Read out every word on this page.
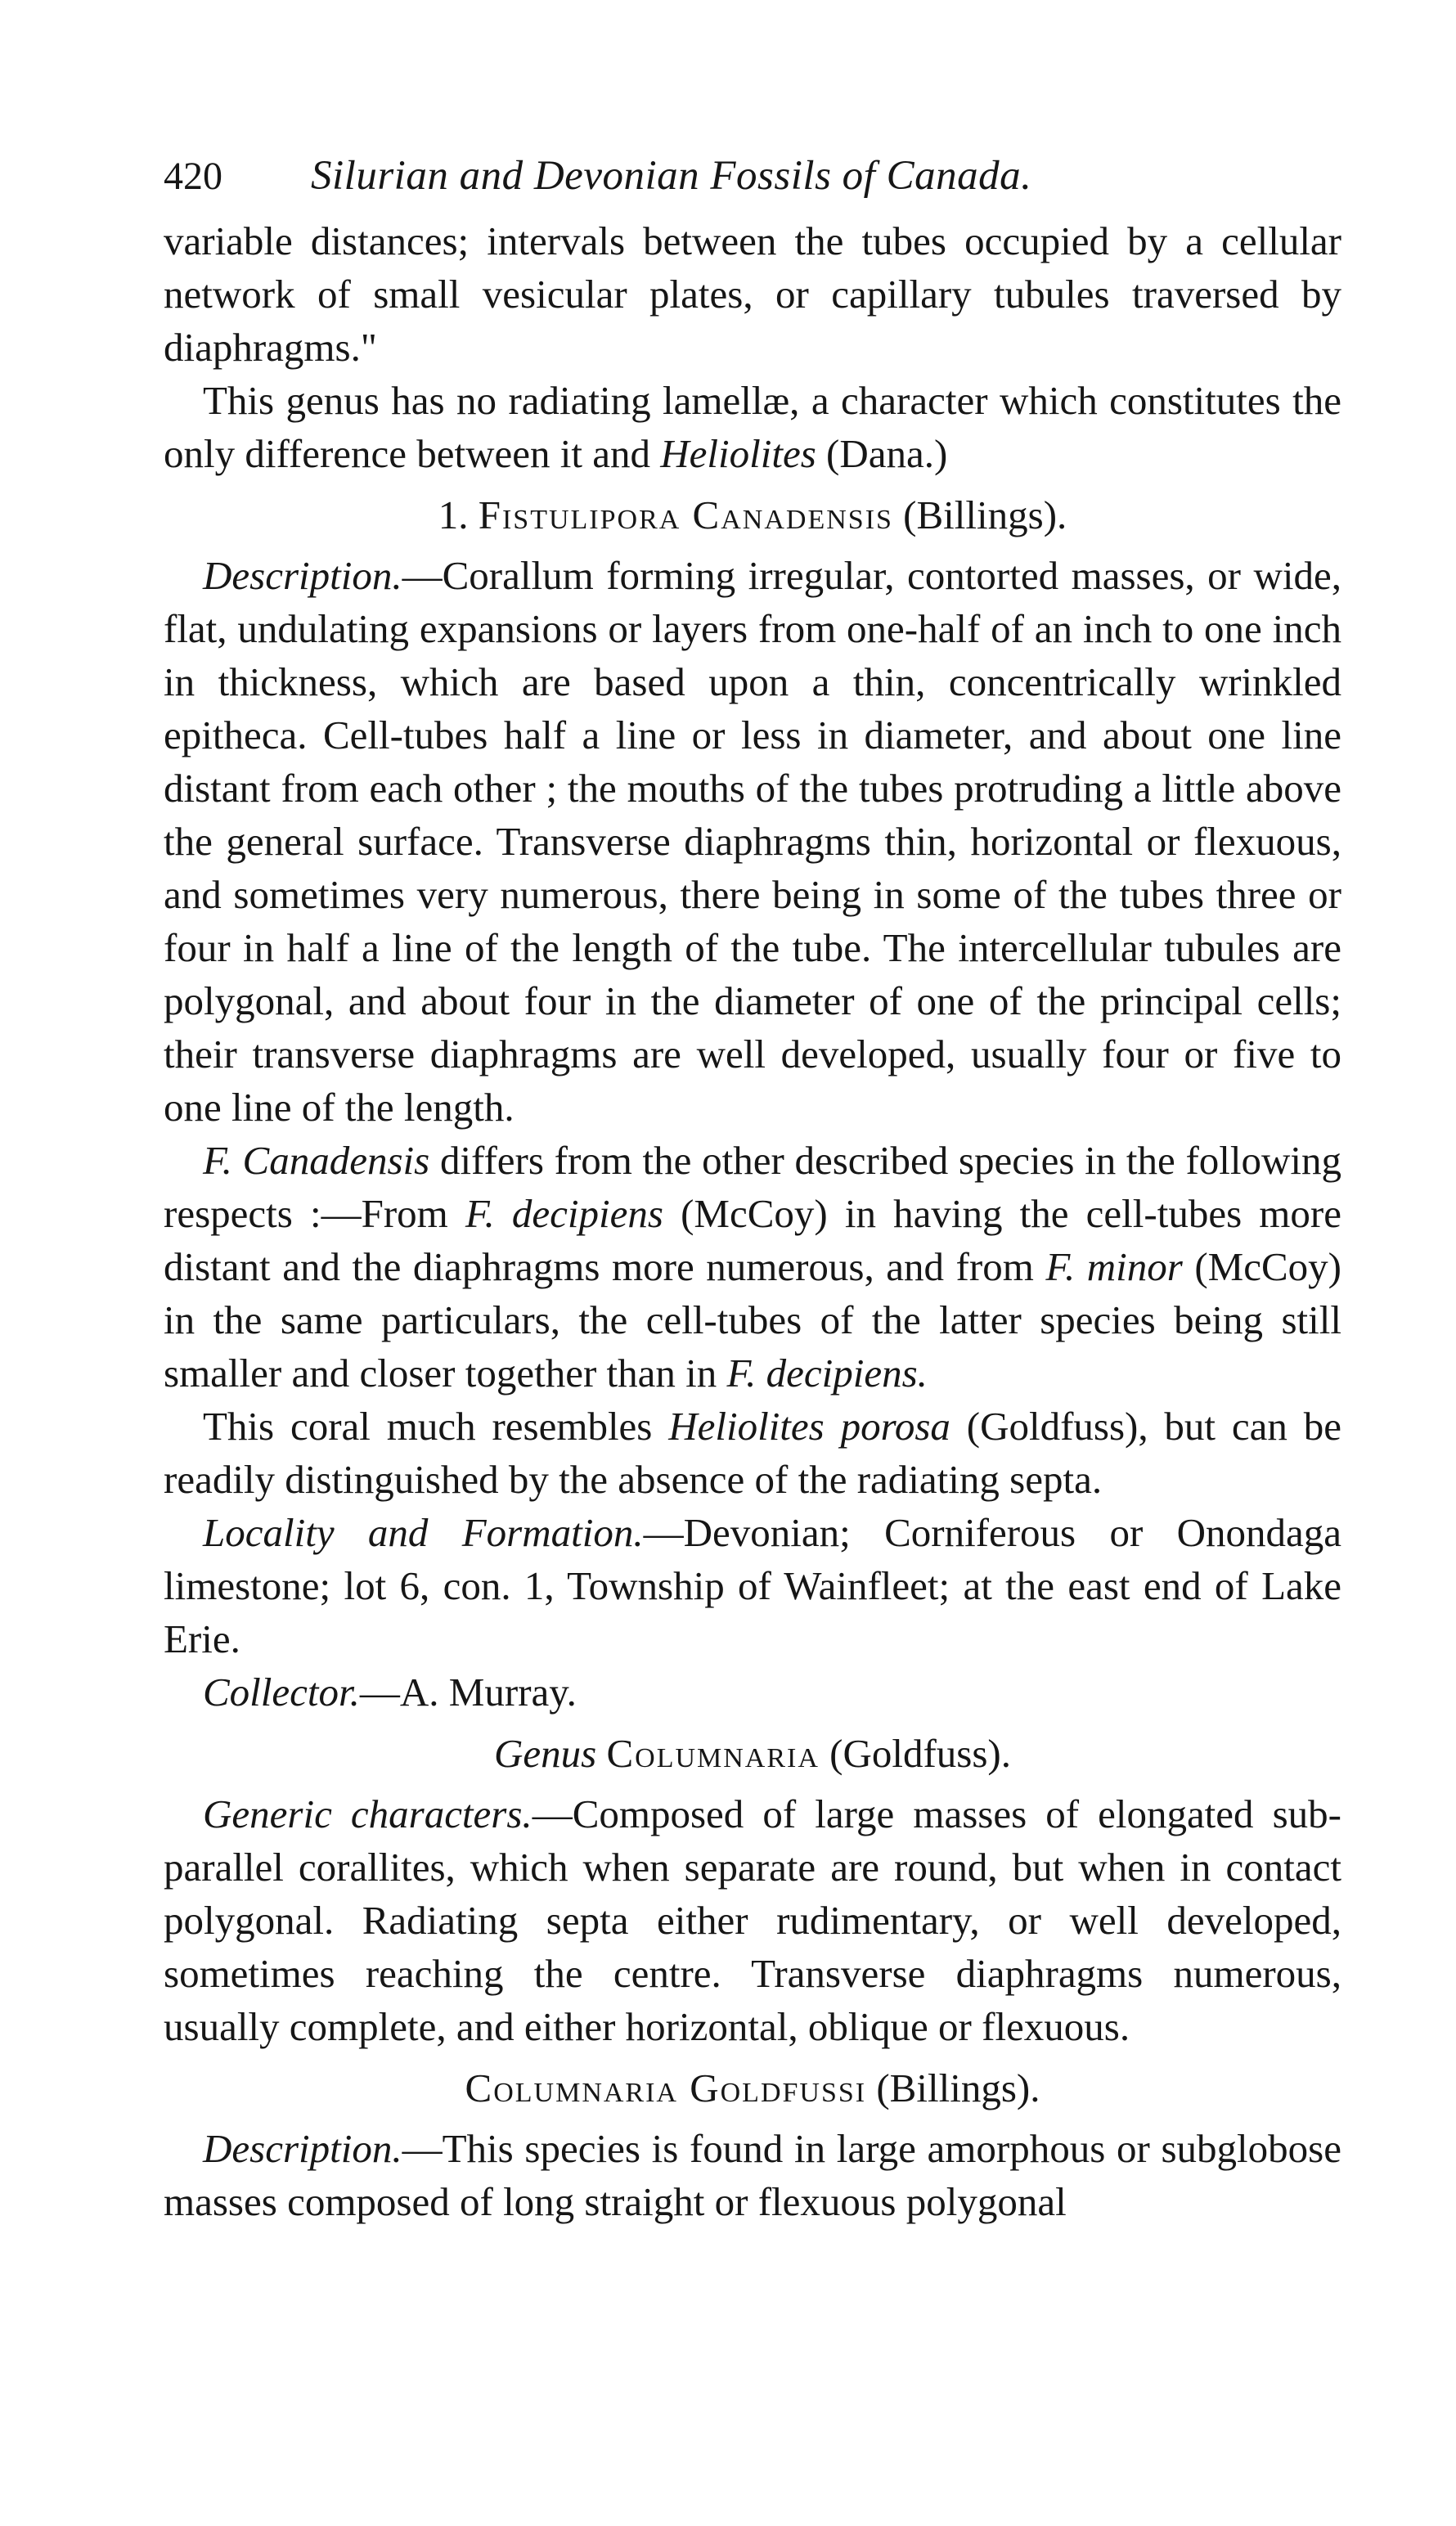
420 Silurian and Devonian Fossils of Canada.

variable distances; intervals between the tubes occupied by a cellular network of small vesicular plates, or capillary tubules traversed by diaphragms."

This genus has no radiating lamellæ, a character which constitutes the only difference between it and Heliolites (Dana.)

1. Fistulipora Canadensis (Billings).

Description.—Corallum forming irregular, contorted masses, or wide, flat, undulating expansions or layers from one-half of an inch to one inch in thickness, which are based upon a thin, concentrically wrinkled epitheca. Cell-tubes half a line or less in diameter, and about one line distant from each other ; the mouths of the tubes protruding a little above the general surface. Transverse diaphragms thin, horizontal or flexuous, and sometimes very numerous, there being in some of the tubes three or four in half a line of the length of the tube. The intercellular tubules are polygonal, and about four in the diameter of one of the principal cells; their transverse diaphragms are well developed, usually four or five to one line of the length.

F. Canadensis differs from the other described species in the following respects :—From F. decipiens (McCoy) in having the cell-tubes more distant and the diaphragms more numerous, and from F. minor (McCoy) in the same particulars, the cell-tubes of the latter species being still smaller and closer together than in F. decipiens.

This coral much resembles Heliolites porosa (Goldfuss), but can be readily distinguished by the absence of the radiating septa.

Locality and Formation.—Devonian; Corniferous or Onondaga limestone; lot 6, con. 1, Township of Wainfleet; at the east end of Lake Erie.

Collector.—A. Murray.

Genus Columnaria (Goldfuss).

Generic characters.—Composed of large masses of elongated sub-parallel corallites, which when separate are round, but when in contact polygonal. Radiating septa either rudimentary, or well developed, sometimes reaching the centre. Transverse diaphragms numerous, usually complete, and either horizontal, oblique or flexuous.

Columnaria Goldfussi (Billings).

Description.—This species is found in large amorphous or subglobose masses composed of long straight or flexuous polygonal
